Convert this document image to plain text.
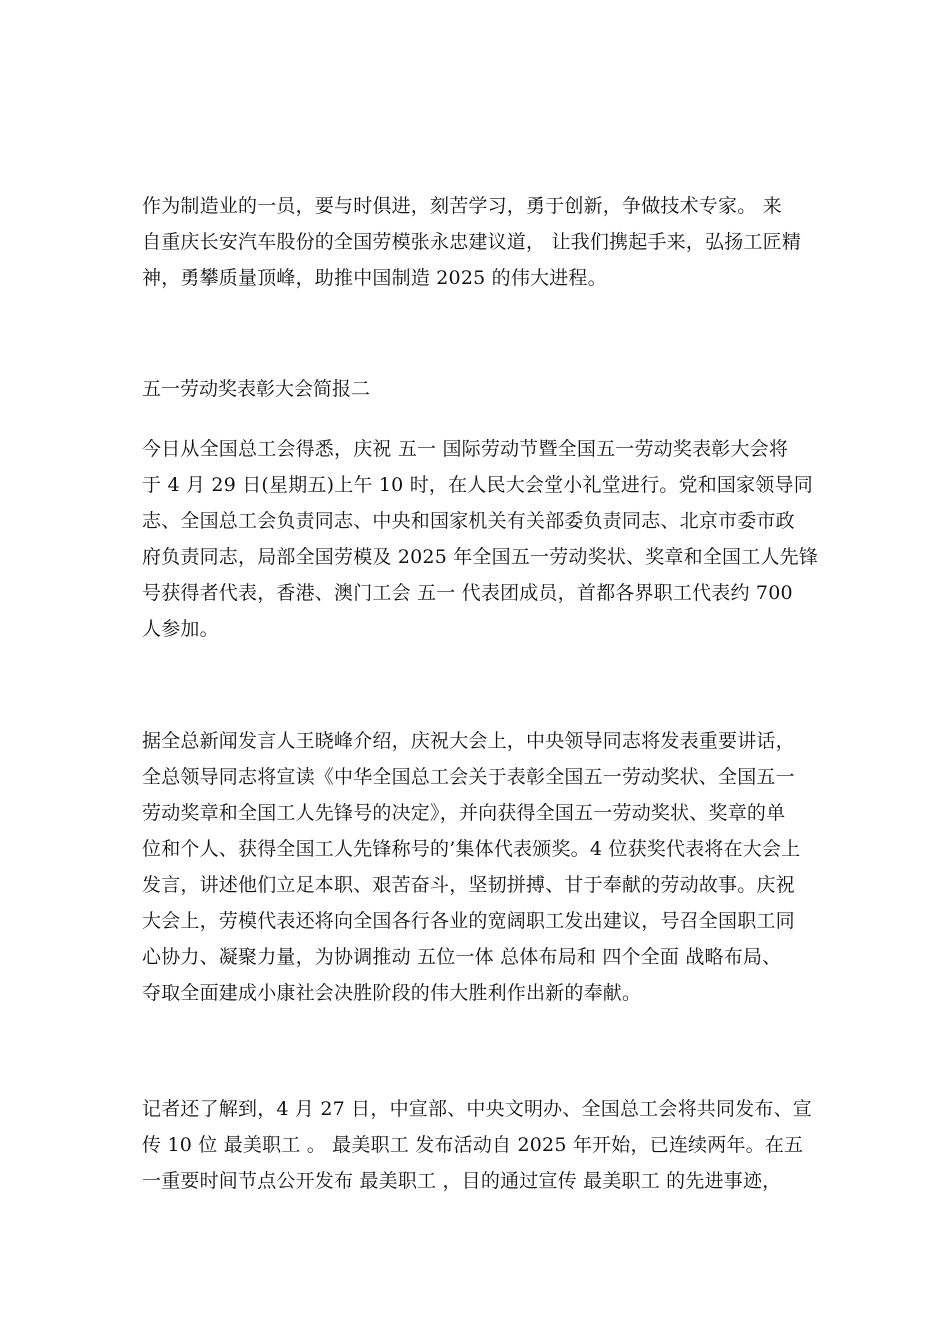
作为制造业的一员，要与时俱进，刻苦学习，勇于创新，争做技术专家。 来
自重庆长安汽车股份的全国劳模张永忠建议道， 让我们携起手来，弘扬工匠精
神，勇攀质量顶峰，助推中国制造 2025 的伟大进程。

五一劳动奖表彰大会简报二

今日从全国总工会得悉，庆祝 五一 国际劳动节暨全国五一劳动奖表彰大会将
于 4 月 29 日(星期五)上午 10 时，在人民大会堂小礼堂进行。党和国家领导同
志、全国总工会负责同志、中央和国家机关有关部委负责同志、北京市委市政
府负责同志，局部全国劳模及 2025 年全国五一劳动奖状、奖章和全国工人先锋
号获得者代表，香港、澳门工会 五一 代表团成员，首都各界职工代表约 700
人参加。

据全总新闻发言人王晓峰介绍，庆祝大会上，中央领导同志将发表重要讲话，
全总领导同志将宣读《中华全国总工会关于表彰全国五一劳动奖状、全国五一
劳动奖章和全国工人先锋号的决定》，并向获得全国五一劳动奖状、奖章的单
位和个人、获得全国工人先锋称号的’集体代表颁奖。4 位获奖代表将在大会上
发言，讲述他们立足本职、艰苦奋斗，坚韧拼搏、甘于奉献的劳动故事。庆祝
大会上，劳模代表还将向全国各行各业的宽阔职工发出建议，号召全国职工同
心协力、凝聚力量，为协调推动 五位一体 总体布局和 四个全面 战略布局、
夺取全面建成小康社会决胜阶段的伟大胜利作出新的奉献。

记者还了解到，4 月 27 日，中宣部、中央文明办、全国总工会将共同发布、宣
传 10 位 最美职工 。 最美职工 发布活动自 2025 年开始，已连续两年。在五
一重要时间节点公开发布 最美职工 ，目的通过宣传 最美职工 的先进事迹，
